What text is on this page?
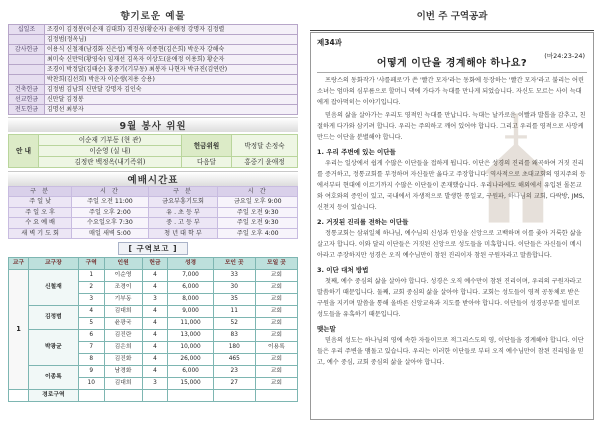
향기로운 예물
십일조	조경이 김정봉(이순재 김대희) 김진성(황순자) 윤애정 강명자 김정렬
	김정범(정옥님)
감사헌금	이용식 신철재(남경화 신은섭) 백정옥 이종현(김은희) 박운자 강해숙
	최미숙 신만덕(황영숙) 임재선 김옥자 이상도(윤애정 이용희) 황순자
	조경이 박정달(김태순) 홍중기(기부동) 최봉자 나현자 박규진(김연란)
	박찬희(김선희) 박운자 이순생(지용 승용)
건축헌금	김정범 김남희 신만달 강명자 김인숙
선교헌금	신만달 김정봉
전도헌금	김명선 최봉자
9월 봉사 위원
안 내	이순재 기부동 (현 관)	헌금위원	박정달 손정숙
	이순영 (실 내)		
	김정란 백정옥(내기즉위)	다음달	홍중기 윤애정
예배시간표
구 분	시 간	구 분	시 간
주 일 낮	주일 오전 11:00	금요부흥기도회	금요일 오후 9:00
주 일 오 후	주일 오후 2:00	유 . 초 등 부	주일 오전 9:30
수 요 예 배	수요일오후 7:30	중 . 고 등 부	주일 오전 9:30
새 벽 기 도 회	매일 새벽 5:00	청 년 대 학 부	주일 오후 4:00
[ 구역보고 ]
교구	교구장	구역	인원	헌금	성경	모인 곳	모일 곳
1	신철재	1	이순영	4	7,000	33	교회
		2	조경이	4	6,000	30	교회
		3	기부동	3	8,000	35	교회
	김정범	4	김대희	4	9,000	11	교회
		5	윤광국	4	11,000	52	교회
	박광균	6	김진란	4	13,000	83	교회
		7	김은희	4	10,000	180	이용록
		8	김진화	4	26,000	465	교회
	이종록	9	남경화	4	6,000	23	교회
		10	김대희	3	15,000	27	교회
	경로구역						
이번 주 구역공과
제34과
어떻게 이단을 경계해야 하나요?
(마24:23-24)

프랑스의 동화작가 '샤를페로'가 쓴 '빨간 모자'라는 동화에 등장하는 '빨간 모자'라고 불리는 어린 소녀는 엄마의 심부름으로 할머니 댁에 가다가 늑대를 만나게 되었습니다. 자신도 모르는 사이 늑대에게 잡아먹히는 이야기입니다.

믿음의 삶을 살아가는 우리도 영적인 늑대를 만납니다. 늑대는 날카로운 이빨과 발톱을 감추고, 친절하게 다가와 삼키려 합니다. 우리는 주의하고 깨어 있어야 합니다. 그리고 우리를 영적으로 사망케 만드는 이단을 분별해야 합니다.

1. 우리 주변에 있는 이단들

우리는 일상에서 쉽게 수많은 이단들을 접하게 됩니다. 이단은 성경의 진리를 왜곡하여 거짓 진리를 증거하고, 정통교회를 부정하며 자신들만 옳다고 주장합니다. 역사적으로 초대교회의 영지주의 등에서부터 현대에 이르기까지 수많은 이단들이 존재했습니다. 우리나라에도 해외에서 유입된 몰몬교와 여호와의 증인이 있고, 국내에서 자생적으로 발생한 통일교, 구원파, 하나님의 교회, 다락방, JMS, 신천지 등이 있습니다.

2. 거짓된 진리를 전하는 이단들

정통교회는 삼위일체 하나님, 예수님의 신성과 인성을 신앙으로 고백하며 이를 좇아 거룩한 삶을 살고자 합니다. 이와 달리 이단들은 거짓된 신앙으로 성도들을 미혹합니다. 이단들은 자신들이 메시아라고 주장하지만 성경은 오직 예수님만이 참된 진리이자 참된 구원자라고 말씀합니다.

3. 이단 대처 방법

첫째, 예수 중심의 삶을 살아야 합니다. 성경은 오직 예수만이 참된 진리이며, 우리의 구원자라고 말씀하기 때문입니다. 둘째, 교회 중심의 삶을 살아야 합니다. 교회는 성도들이 영적 공동체로 받은 구원을 지키며 말씀을 통해 올바른 신앙교육과 지도를 받아야 합니다. 이단들이 성경공부를 빌미로 성도들을 유혹하기 때문입니다.

맺는말

믿음의 성도는 하나님의 영에 속한 자들이므로 적그리스도의 영, 이단들을 경계해야 합니다. 이단들은 우리 주변을 맴돌고 있습니다. 우리는 이러한 이단들로 부터 오직 예수님만이 참된 진리임을 믿고, 예수 중심, 교회 중심의 삶을 살아야 합니다.
